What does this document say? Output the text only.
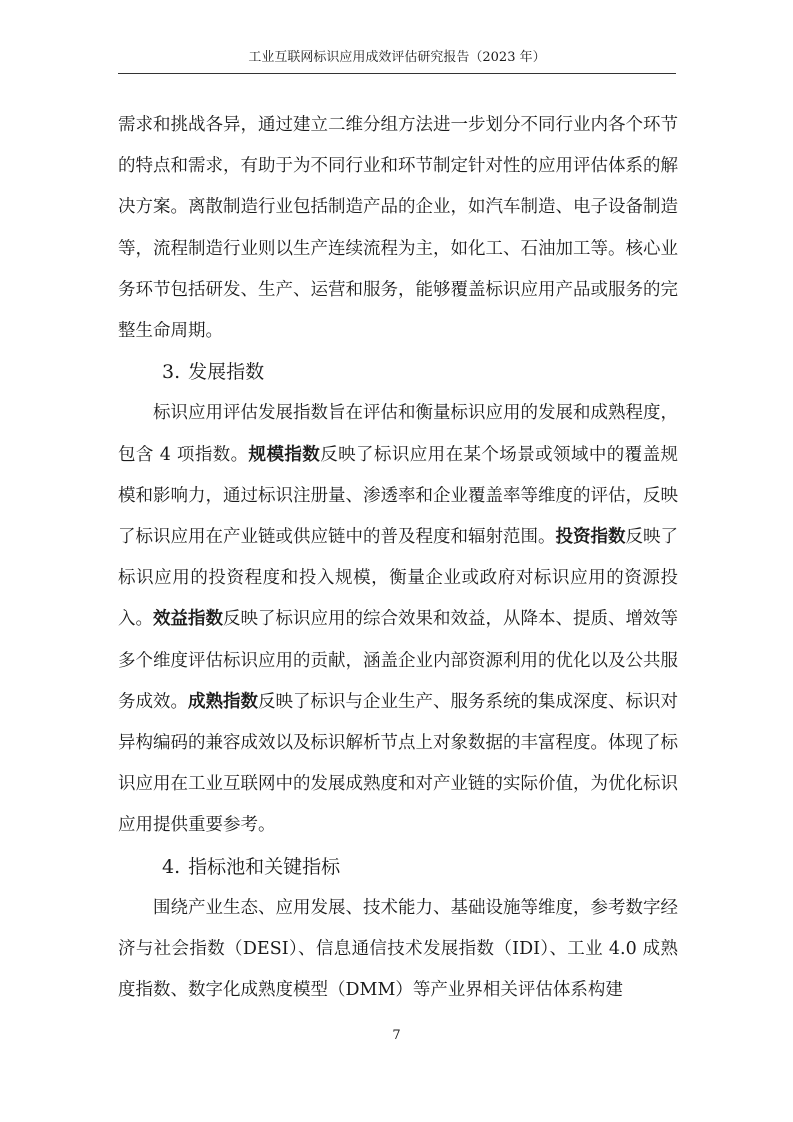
工业互联网标识应用成效评估研究报告（2023 年）

需求和挑战各异，通过建立二维分组方法进一步划分不同行业内各个环节的特点和需求，有助于为不同行业和环节制定针对性的应用评估体系的解决方案。离散制造行业包括制造产品的企业，如汽车制造、电子设备制造等，流程制造行业则以生产连续流程为主，如化工、石油加工等。核心业务环节包括研发、生产、运营和服务，能够覆盖标识应用产品或服务的完整生命周期。

3. 发展指数

标识应用评估发展指数旨在评估和衡量标识应用的发展和成熟程度，包含 4 项指数。规模指数反映了标识应用在某个场景或领域中的覆盖规模和影响力，通过标识注册量、渗透率和企业覆盖率等维度的评估，反映了标识应用在产业链或供应链中的普及程度和辐射范围。投资指数反映了标识应用的投资程度和投入规模，衡量企业或政府对标识应用的资源投入。效益指数反映了标识应用的综合效果和效益，从降本、提质、增效等多个维度评估标识应用的贡献，涵盖企业内部资源利用的优化以及公共服务成效。成熟指数反映了标识与企业生产、服务系统的集成深度、标识对异构编码的兼容成效以及标识解析节点上对象数据的丰富程度。体现了标识应用在工业互联网中的发展成熟度和对产业链的实际价值，为优化标识应用提供重要参考。

4. 指标池和关键指标

围绕产业生态、应用发展、技术能力、基础设施等维度，参考数字经济与社会指数（DESI）、信息通信技术发展指数（IDI）、工业 4.0 成熟度指数、数字化成熟度模型（DMM）等产业界相关评估体系构建

7
